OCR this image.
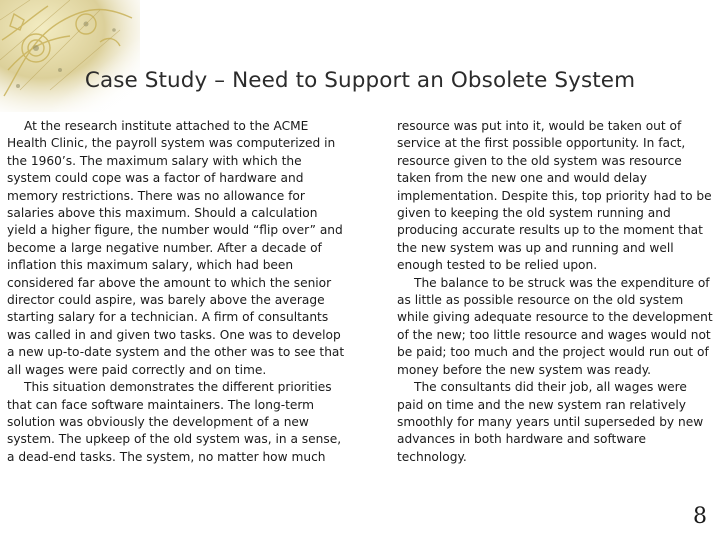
Case Study – Need to Support an Obsolete System

At the research institute attached to the ACME Health Clinic, the payroll system was computerized in the 1960’s. The maximum salary with which the system could cope was a factor of hardware and memory restrictions. There was no allowance for salaries above this maximum. Should a calculation yield a higher figure, the number would “flip over” and become a large negative number. After a decade of inflation this maximum salary, which had been considered far above the amount to which the senior director could aspire, was barely above the average starting salary for a technician. A firm of consultants was called in and given two tasks. One was to develop a new up-to-date system and the other was to see that all wages were paid correctly and on time.

This situation demonstrates the different priorities that can face software maintainers. The long-term solution was obviously the development of a new system. The upkeep of the old system was, in a sense, a dead-end tasks. The system, no matter how much

resource was put into it, would be taken out of service at the first possible opportunity. In fact, resource given to the old system was resource taken from the new one and would delay implementation. Despite this, top priority had to be given to keeping the old system running and producing accurate results up to the moment that the new system was up and running and well enough tested to be relied upon.

The balance to be struck was the expenditure of as little as possible resource on the old system while giving adequate resource to the development of the new; too little resource and wages would not be paid; too much and the project would run out of money before the new system was ready.

The consultants did their job, all wages were paid on time and the new system ran relatively smoothly for many years until superseded by new advances in both hardware and software technology.

8
